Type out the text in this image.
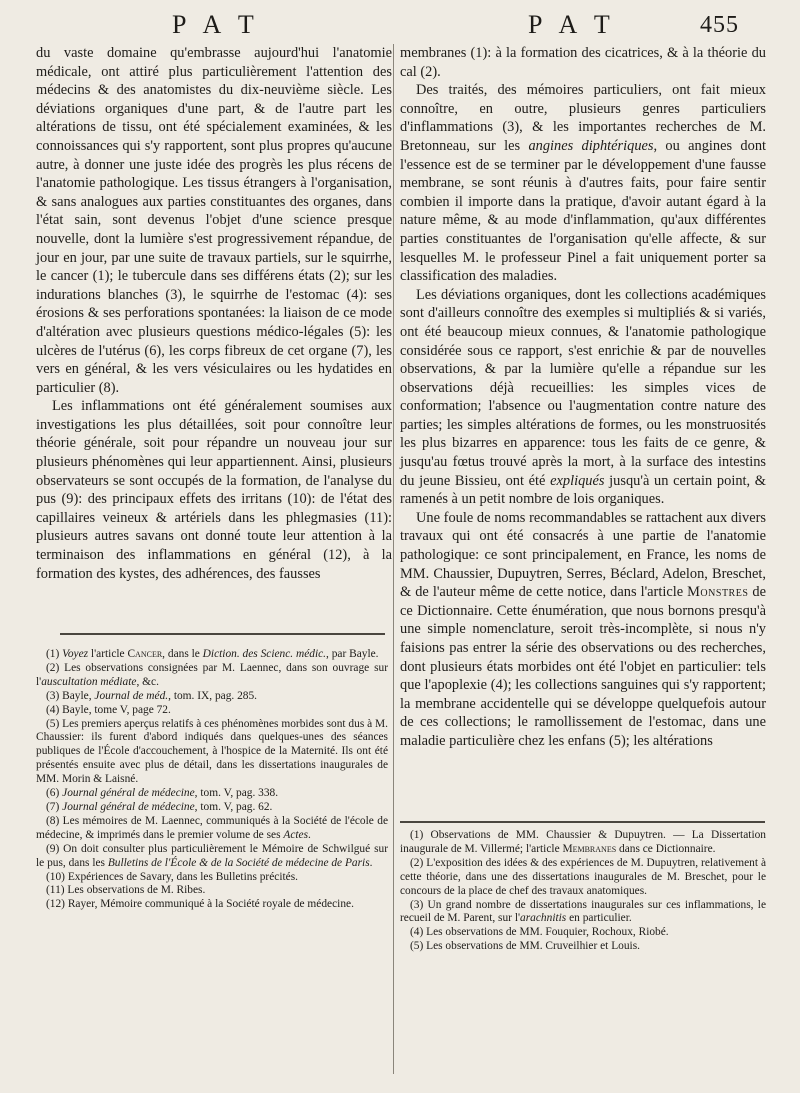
P A T	P A T	455

du vaste domaine qu'embrasse aujourd'hui l'anatomie médicale, ont attiré plus particulièrement l'attention des médecins & des anatomistes du dix-neuvième siècle. Les déviations organiques d'une part, & de l'autre part les altérations de tissu, ont été spécialement examinées, & les connoissances qui s'y rapportent, sont plus propres qu'aucune autre, à donner une juste idée des progrès les plus récens de l'anatomie pathologique. Les tissus étrangers à l'organisation, & sans analogues aux parties constituantes des organes, dans l'état sain, sont devenus l'objet d'une science presque nouvelle, dont la lumière s'est progressivement répandue, de jour en jour, par une suite de travaux partiels, sur le squirrhe, le cancer (1); le tubercule dans ses différens états (2); sur les indurations blanches (3), le squirrhe de l'estomac (4): ses érosions & ses perforations spontanées: la liaison de ce mode d'altération avec plusieurs questions médico-légales (5): les ulcères de l'utérus (6), les corps fibreux de cet organe (7), les vers en général, & les vers vésiculaires ou les hydatides en particulier (8).

Les inflammations ont été généralement soumises aux investigations les plus détaillées, soit pour connoître leur théorie générale, soit pour répandre un nouveau jour sur plusieurs phénomènes qui leur appartiennent. Ainsi, plusieurs observateurs se sont occupés de la formation, de l'analyse du pus (9): des principaux effets des irritans (10): de l'état des capillaires veineux & artériels dans les phlegmasies (11): plusieurs autres savans ont donné toute leur attention à la terminaison des inflammations en général (12), à la formation des kystes, des adhérences, des fausses

membranes (1): à la formation des cicatrices, & à la théorie du cal (2).

Des traités, des mémoires particuliers, ont fait mieux connoître, en outre, plusieurs genres particuliers d'inflammations (3), & les importantes recherches de M. Bretonneau, sur les angines diphtériques, ou angines dont l'essence est de se terminer par le développement d'une fausse membrane, se sont réunis à d'autres faits, pour faire sentir combien il importe dans la pratique, d'avoir autant égard à la nature même, & au mode d'inflammation, qu'aux différentes parties constituantes de l'organisation qu'elle affecte, & sur lesquelles M. le professeur Pinel a fait uniquement porter sa classification des maladies.

Les déviations organiques, dont les collections académiques sont d'ailleurs connoître des exemples si multipliés & si variés, ont été beaucoup mieux connues, & l'anatomie pathologique considérée sous ce rapport, s'est enrichie & par de nouvelles observations, & par la lumière qu'elle a répandue sur les observations déjà recueillies: les simples vices de conformation; l'absence ou l'augmentation contre nature des parties; les simples altérations de formes, ou les monstruosités les plus bizarres en apparence: tous les faits de ce genre, & jusqu'au fœtus trouvé après la mort, à la surface des intestins du jeune Bissieu, ont été expliqués jusqu'à un certain point, & ramenés à un petit nombre de lois organiques.

Une foule de noms recommandables se rattachent aux divers travaux qui ont été consacrés à une partie de l'anatomie pathologique: ce sont principalement, en France, les noms de MM. Chaussier, Dupuytren, Serres, Béclard, Adelon, Breschet, & de l'auteur même de cette notice, dans l'article Monstres de ce Dictionnaire. Cette énumération, que nous bornons presqu'à une simple nomenclature, seroit très-incomplète, si nous n'y faisions pas entrer la série des observations ou des recherches, dont plusieurs états morbides ont été l'objet en particulier: tels que l'apoplexie (4); les collections sanguines qui s'y rapportent; la membrane accidentelle qui se développe quelquefois autour de ces collections; le ramollissement de l'estomac, dans une maladie particulière chez les enfans (5); les altérations

(1) Voyez l'article Cancer, dans le Diction. des Scienc. médic., par Bayle.

(2) Les observations consignées par M. Laennec, dans son ouvrage sur l'auscultation médiate, &c.

(3) Bayle, Journal de méd., tom. IX, pag. 285.

(4) Bayle, tome V, page 72.

(5) Les premiers aperçus relatifs à ces phénomènes morbides sont dus à M. Chaussier: ils furent d'abord indiqués dans quelques-unes des séances publiques de l'École d'accouchement, à l'hospice de la Maternité. Ils ont été présentés ensuite avec plus de détail, dans les dissertations inaugurales de MM. Morin & Laisné.

(6) Journal général de médecine, tom. V, pag. 338.

(7) Journal général de médecine, tom. V, pag. 62.

(8) Les mémoires de M. Laennec, communiqués à la Société de l'école de médecine, & imprimés dans le premier volume de ses Actes.

(9) On doit consulter plus particulièrement le Mémoire de Schwilgué sur le pus, dans les Bulletins de l'École & de la Société de médecine de Paris.

(10) Expériences de Savary, dans les Bulletins précités.

(11) Les observations de M. Ribes.

(12) Rayer, Mémoire communiqué à la Société royale de médecine.

(1) Observations de MM. Chaussier & Dupuytren. — La Dissertation inaugurale de M. Villermé; l'article Membranes dans ce Dictionnaire.

(2) L'exposition des idées & des expériences de M. Dupuytren, relativement à cette théorie, dans une des dissertations inaugurales de M. Breschet, pour le concours de la place de chef des travaux anatomiques.

(3) Un grand nombre de dissertations inaugurales sur ces inflammations, le recueil de M. Parent, sur l'arachnitis en particulier.

(4) Les observations de MM. Fouquier, Rochoux, Riobé.

(5) Les observations de MM. Cruveilhier et Louis.
